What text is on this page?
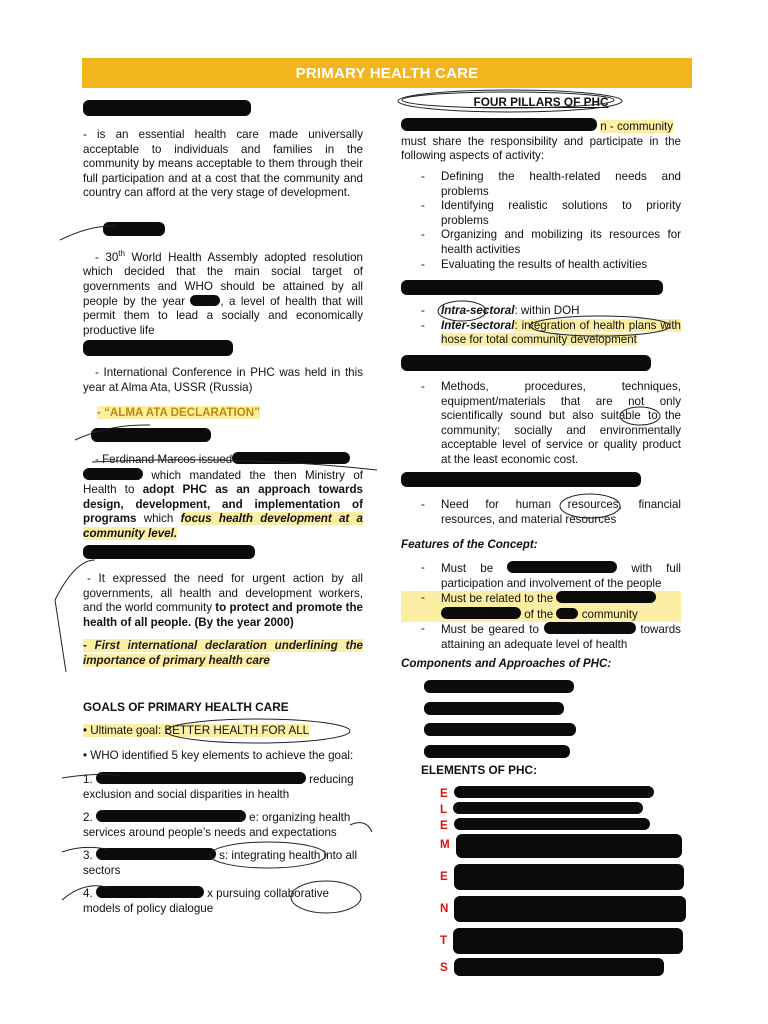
PRIMARY HEALTH CARE
- is an essential health care made universally acceptable to individuals and families in the community by means acceptable to them through their full participation and at a cost that the community and country can afford at the very stage of development.
- 30th World Health Assembly adopted resolution which decided that the main social target of governments and WHO should be attained by all people by the year	, a level of health that will permit them to lead a socially and economically productive life
- International Conference in PHC was held in this year at Alma Ata, USSR (Russia)
- “ALMA ATA DECLARATION”
- Ferdinand Marcos issued
which mandated the then Ministry of Health to adopt PHC as an approach towards design, development, and implementation of programs which focus health development at a community level.
- It expressed the need for urgent action by all governments, all health and development workers, and the world community to protect and promote the health of all people. (By the year 2000)
- First international declaration underlining the importance of primary health care
GOALS OF PRIMARY HEALTH CARE
• Ultimate goal: BETTER HEALTH FOR ALL
• WHO identified 5 key elements to achieve the goal:
1.	reducing
exclusion and social disparities in health
2.	e: organizing health
services around people’s needs and expectations
3.	s: integrating health into all
sectors
4.	x pursuing collaborative
models of policy dialogue
FOUR PILLARS OF PHC
n - community
must share the responsibility and participate in the following aspects of activity:
- Defining the health-related needs and problems
- Identifying realistic solutions to priority problems
- Organizing and mobilizing its resources for health activities
- Evaluating the results of health activities
- Intra-sectoral: within DOH
- Inter-sectoral: integration of health plans with hose for total community development
- Methods, procedures, techniques, equipment/materials that are not only scientifically sound but also suitable to the community; socially and environmentally acceptable level of service or quality product at the least economic cost.
- Need for human resources, financial resources, and material resources
Features of the Concept:
- Must be	with full participation and involvement of the people
- Must be related to the
of the community
- Must be geared to	towards attaining an adequate level of health
Components and Approaches of PHC:

ELEMENTS OF PHC:
E
L
E
M
E
N
T
S
